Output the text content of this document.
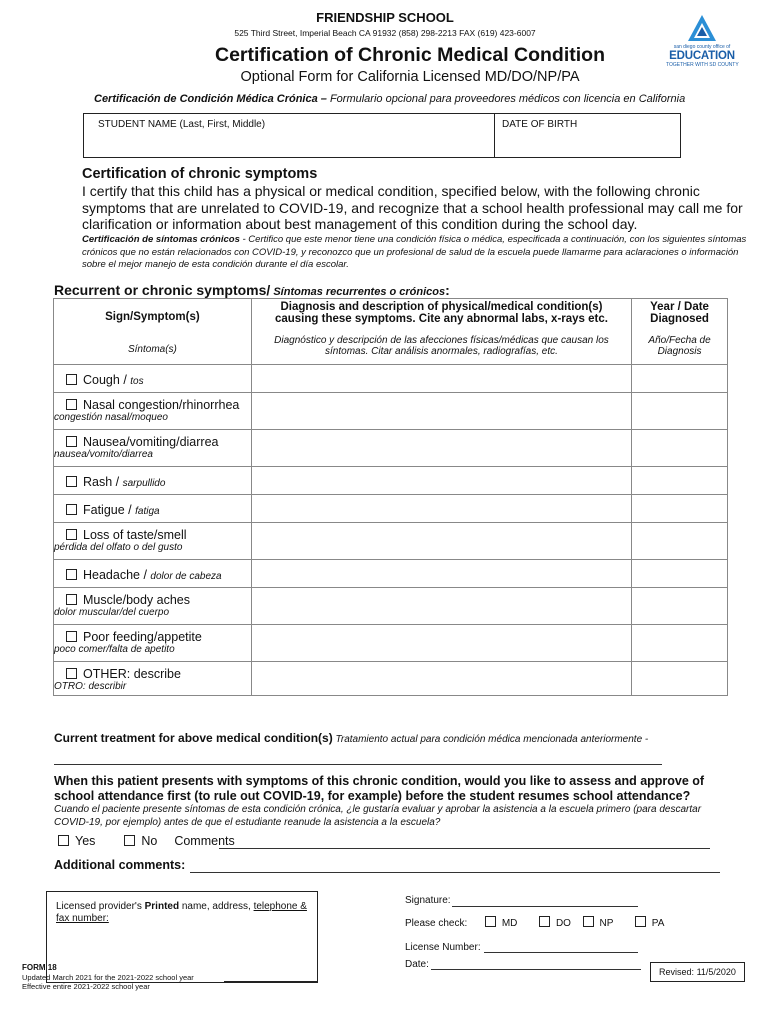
FRIENDSHIP SCHOOL
525 Third Street, Imperial Beach CA 91932 (858) 298-2213 FAX (619) 423-6007
Certification of Chronic Medical Condition
Optional Form for California Licensed MD/DO/NP/PA
Certificación de Condición Médica Crónica – Formulario opcional para proveedores médicos con licencia en California
san diego county office of
EDUCATION
TOGETHER WITH SD COUNTY
STUDENT NAME (Last, First, Middle)	DATE OF BIRTH
Certification of chronic symptoms
I certify that this child has a physical or medical condition, specified below, with the following chronic symptoms that are unrelated to COVID-19, and recognize that a school health professional may call me for clarification or information about best management of this condition during the school day.
Certificación de síntomas crónicos - Certifico que este menor tiene una condición física o médica, especificada a continuación, con los siguientes síntomas crónicos que no están relacionados con COVID-19, y reconozco que un profesional de salud de la escuela puede llamarme para aclaraciones o información sobre el mejor manejo de esta condición durante el día escolar.
Recurrent or chronic symptoms/ Síntomas recurrentes o crónicos:
Sign/Symptom(s)	Diagnosis and description of physical/medical condition(s) causing these symptoms. Cite any abnormal labs, x-rays etc.	Year / Date Diagnosed
Síntoma(s)	Diagnóstico y descripción de las afecciones físicas/médicas que causan los síntomas. Citar análisis anormales, radiografías, etc.	Año/Fecha de Diagnosis
Cough / tos		
Nasal congestion/rhinorrhea
congestión nasal/moqueo		

Nausea/vomiting/diarrea
nausea/vomito/diarrea		

Rash / sarpullido		
Fatigue / fatiga		
Loss of taste/smell
pérdida del olfato o del gusto		

Headache / dolor de cabeza		
Muscle/body aches
dolor muscular/del cuerpo		

Poor feeding/appetite
poco comer/falta de apetito		

OTHER: describe
OTRO: describir		

Current treatment for above medical condition(s) Tratamiento actual para condición médica mencionada anteriormente -
When this patient presents with symptoms of this chronic condition, would you like to assess and approve of school attendance first (to rule out COVID-19, for example) before the student resumes school attendance?
Cuando el paciente presente síntomas de esta condición crónica, ¿le gustaría evaluar y aprobar la asistencia a la escuela primero (para descartar COVID-19, por ejemplo) antes de que el estudiante reanude la asistencia a la escuela?
Yes	No Comments
Additional comments:
Licensed provider's Printed name, address, telephone &
fax number:
Signature:
Please check:	MD	DO	NP	PA
License Number:
Date:
FORM 18
Updated March 2021 for the 2021-2022 school year
Effective entire 2021-2022 school year
Revised: 11/5/2020
